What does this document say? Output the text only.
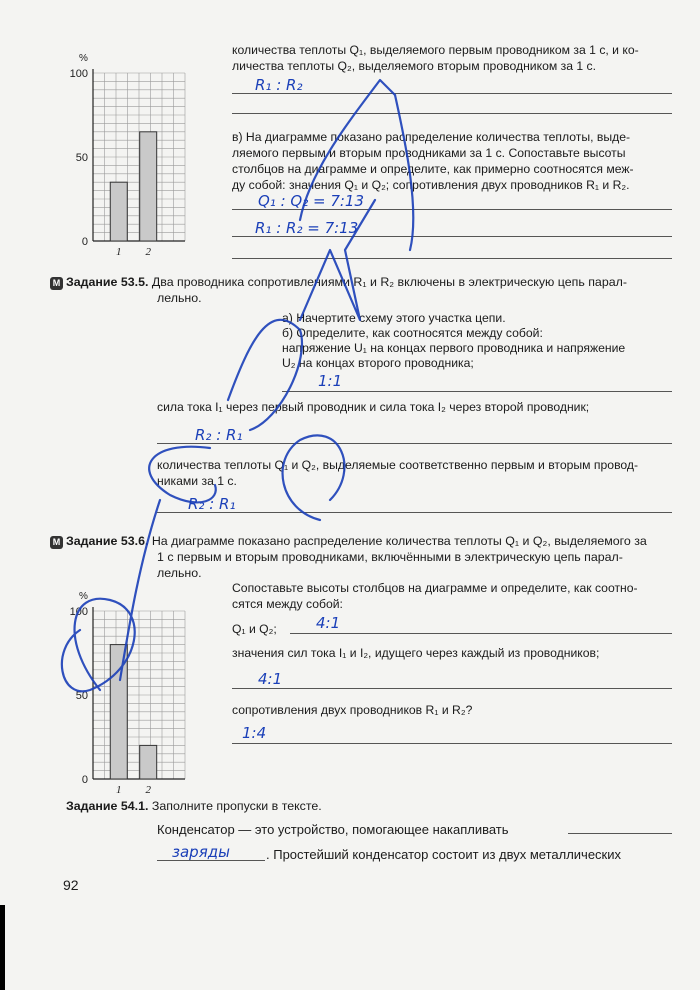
%
0
50
100
1 2
количества теплоты Q₁, выделяемого первым проводником за 1 с, и ко-
личества теплоты Q₂, выделяемого вторым проводником за 1 с.
R₁ : R₂
в) На диаграмме показано распределение количества теплоты, выде-
ляемого первым и вторым проводниками за 1 с. Сопоставьте высоты
столбцов на диаграмме и определите, как примерно соотносятся меж-
ду собой: значения Q₁ и Q₂; сопротивления двух проводников R₁ и R₂.
Q₁ : Q₂ = 7:13
R₁ : R₂ = 7:13
M Задание 53.5. Два проводника сопротивлениями R₁ и R₂ включены в электрическую цепь парал-
лельно.
а) Начертите схему этого участка цепи.
б) Определите, как соотносятся между собой:
напряжение U₁ на концах первого проводника и напряжение
U₂ на концах второго проводника;
1:1
сила тока I₁ через первый проводник и сила тока I₂ через второй проводник;
R₂ : R₁
количества теплоты Q₁ и Q₂, выделяемые соответственно первым и вторым провод-
никами за 1 с.
R₂ : R₁
M Задание 53.6. На диаграмме показано распределение количества теплоты Q₁ и Q₂, выделяемого за
1 с первым и вторым проводниками, включёнными в электрическую цепь парал-
лельно.
%
0
50
100
1 2
Сопоставьте высоты столбцов на диаграмме и определите, как соотно-
сятся между собой:
Q₁ и Q₂;	4:1
значения сил тока I₁ и I₂, идущего через каждый из проводников;
4:1
сопротивления двух проводников R₁ и R₂?
1:4
Задание 54.1. Заполните пропуски в тексте.
Конденсатор — это устройство, помогающее накапливать
заряды	. Простейший конденсатор состоит из двух металлических
92
Списано
